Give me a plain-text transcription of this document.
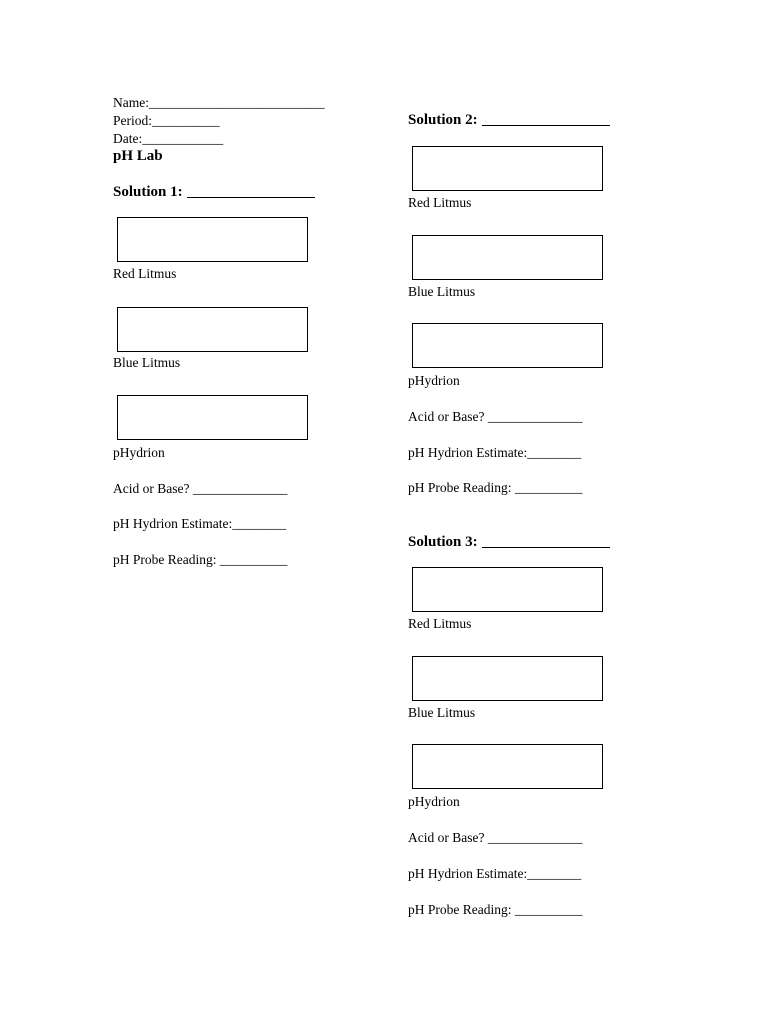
Name:__________________________
Period:__________
Date:____________
pH Lab
Solution 1:
Red Litmus
Blue Litmus
pHydrion
Acid or Base? ______________
pH Hydrion Estimate:________
pH Probe Reading: __________
Solution 2:
Red Litmus
Blue Litmus
pHydrion
Acid or Base? ______________
pH Hydrion Estimate:________
pH Probe Reading: __________
Solution 3:
Red Litmus
Blue Litmus
pHydrion
Acid or Base? ______________
pH Hydrion Estimate:________
pH Probe Reading: __________
